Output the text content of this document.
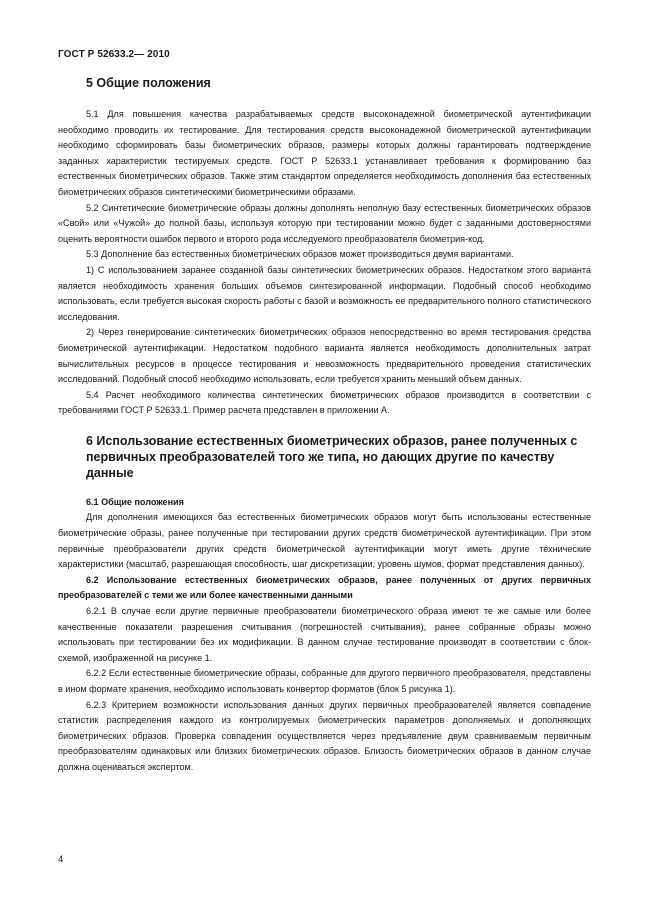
ГОСТ Р 52633.2— 2010
5 Общие положения

5.1 Для повышения качества разрабатываемых средств высоконадежной биометрической аутентификации необходимо проводить их тестирование. Для тестирования средств высоконадежной биометрической аутентификации необходимо сформировать базы биометрических образов, размеры которых должны гарантировать подтверждение заданных характеристик тестируемых средств. ГОСТ Р 52633.1 устанавливает требования к формированию баз естественных биометрических образов. Также этим стандартом определяется необходимость дополнения баз естественных биометрических образов синтетическими биометрическими образами.

5.2 Синтетические биометрические образы должны дополнять неполную базу естественных биометрических образов «Свой» или «Чужой» до полной базы, используя которую при тестировании можно будет с заданными достоверностями оценить вероятности ошибок первого и второго рода исследуемого преобразователя биометрия-код.

5.3 Дополнение баз естественных биометрических образов может производиться двумя вариантами.

1) С использованием заранее созданной базы синтетических биометрических образов. Недостатком этого варианта является необходимость хранения больших объемов синтезированной информации. Подобный способ необходимо использовать, если требуется высокая скорость работы с базой и возможность ее предварительного полного статистического исследования.

2) Через генерирование синтетических биометрических образов непосредственно во время тестирования средства биометрической аутентификации. Недостатком подобного варианта является необходимость дополнительных затрат вычислительных ресурсов в процессе тестирования и невозможность предварительного проведения статистических исследований. Подобный способ необходимо использовать, если требуется хранить меньший объем данных.

5.4 Расчет необходимого количества синтетических биометрических образов производится в соответствии с требованиями ГОСТ Р 52633.1. Пример расчета представлен в приложении А.

6 Использование естественных биометрических образов, ранее полученных с первичных преобразователей того же типа, но дающих другие по качеству данные
6.1 Общие положения

Для дополнения имеющихся баз естественных биометрических образов могут быть использованы естественные биометрические образы, ранее полученные при тестировании других средств биометрической аутентификации. При этом первичные преобразователи других средств биометрической аутентификации могут иметь другие технические характеристики (масштаб, разрешающая способность, шаг дискретизации, уровень шумов, формат представления данных).

6.2 Использование естественных биометрических образов, ранее полученных от других первичных преобразователей с теми же или более качественными данными

6.2.1 В случае если другие первичные преобразователи биометрического образа имеют те же самые или более качественные показатели разрешения считывания (погрешностей считывания), ранее собранные образы можно использовать при тестировании без их модификации. В данном случае тестирование производят в соответствии с блок-схемой, изображенной на рисунке 1.

6.2.2 Если естественные биометрические образы, собранные для другого первичного преобразователя, представлены в ином формате хранения, необходимо использовать конвертор форматов (блок 5 рисунка 1).

6.2.3 Критерием возможности использования данных других первичных преобразователей является совпадение статистик распределения каждого из контролируемых биометрических параметров дополняемых и дополняющих биометрических образов. Проверка совпадения осуществляется через предъявление двум сравниваемым первичным преобразователям одинаковых или близких биометрических образов. Близость биометрических образов в данном случае должна оцениваться экспертом.

4
